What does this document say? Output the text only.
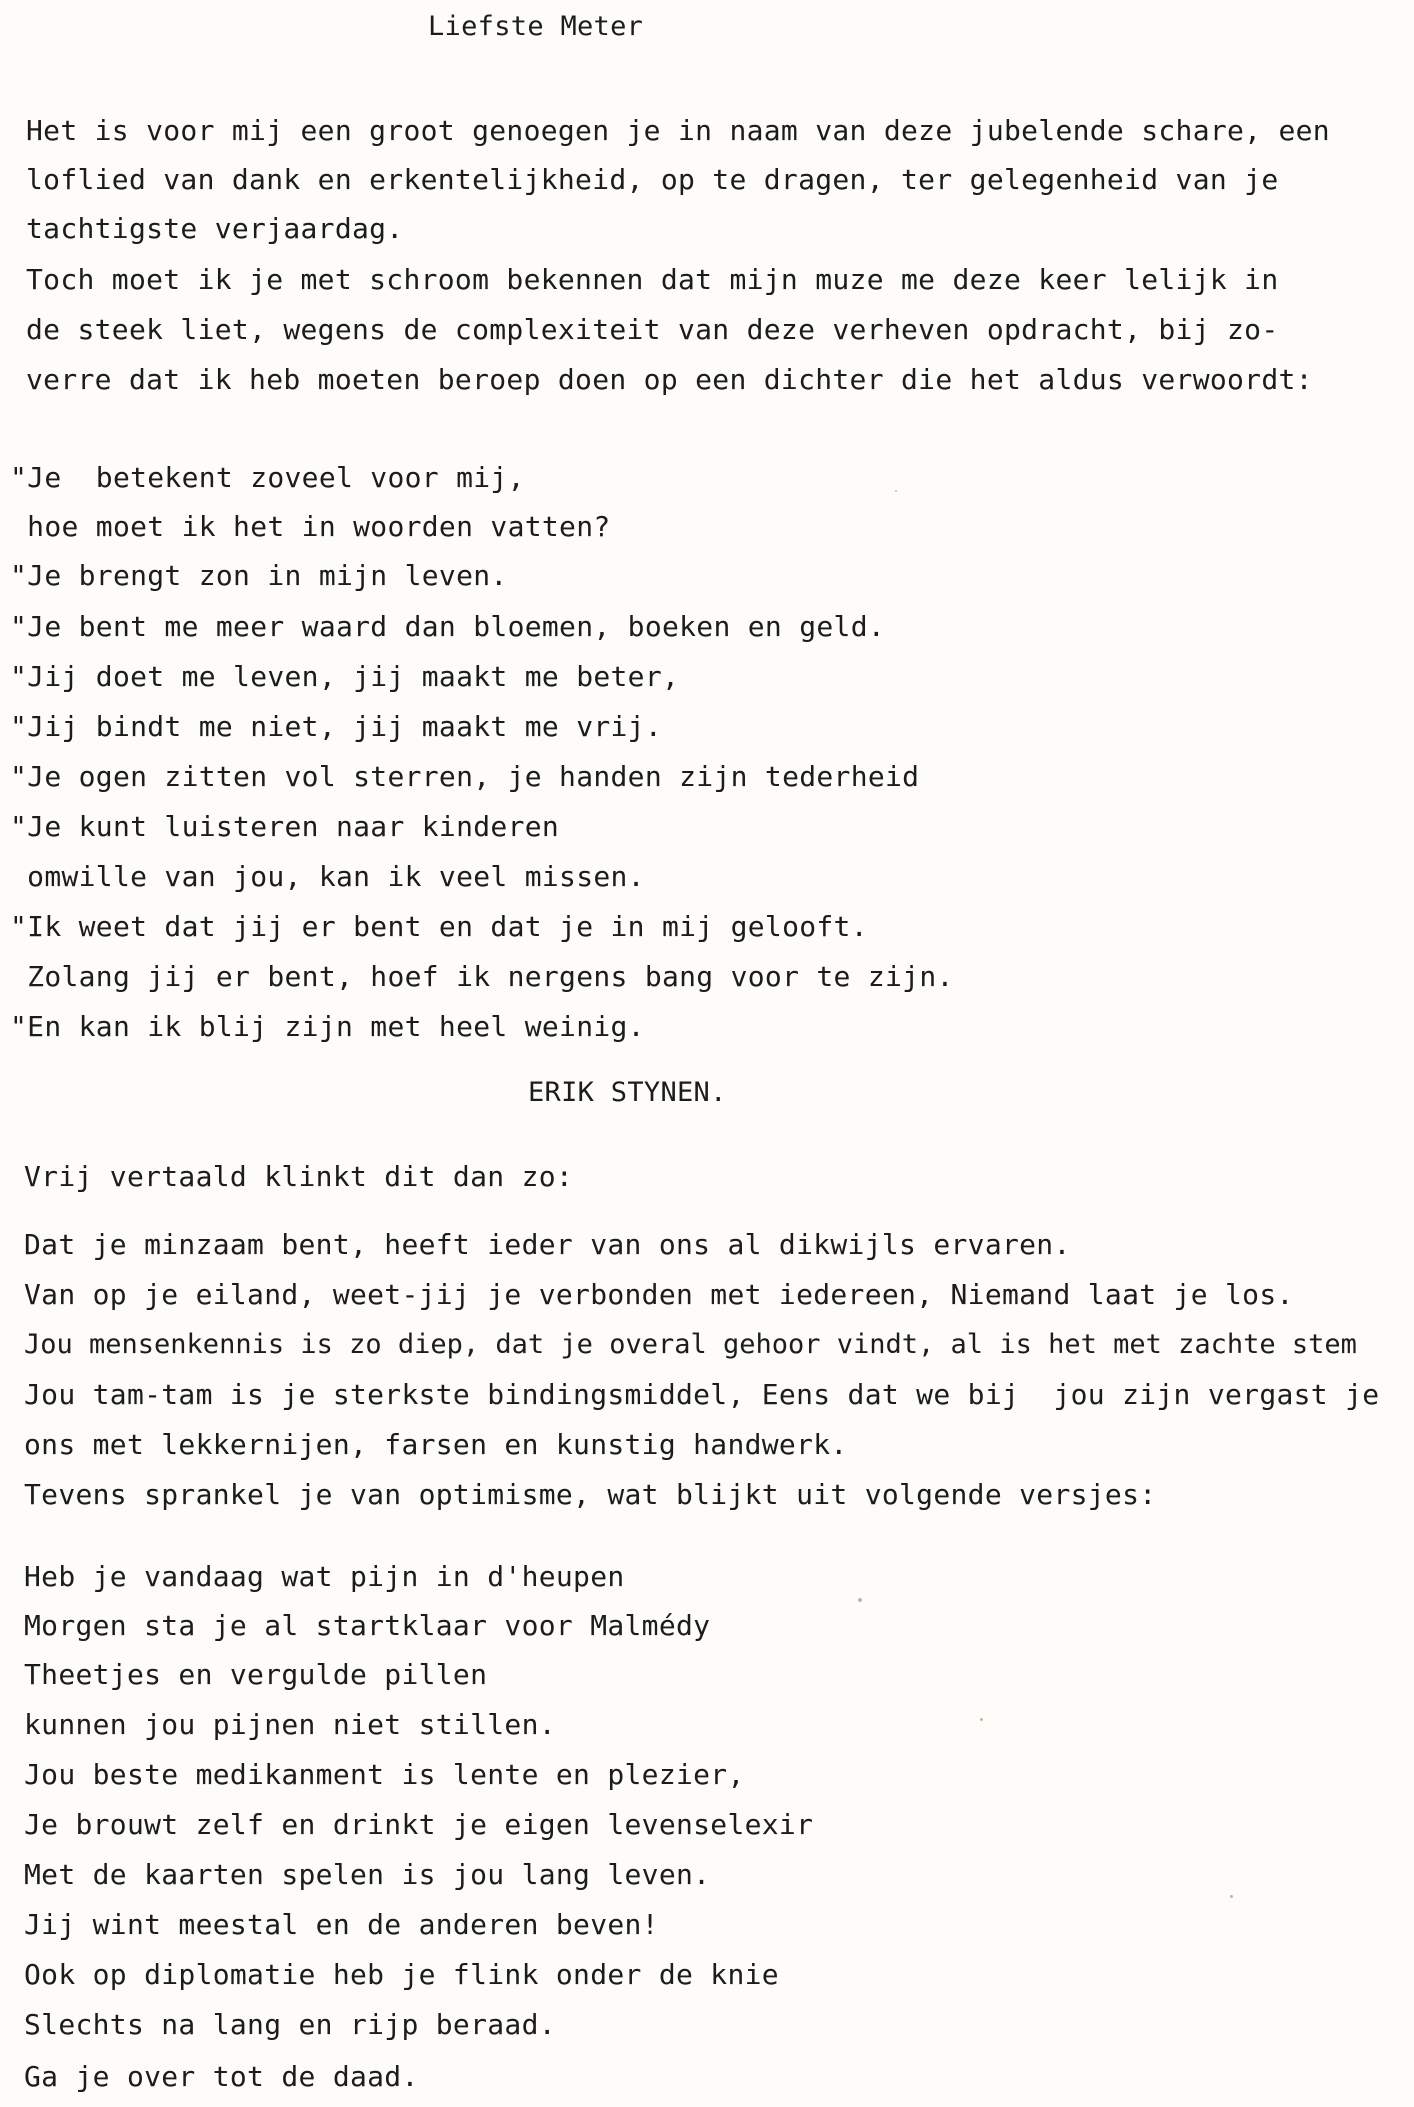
Liefste Meter
Het is voor mij een groot genoegen je in naam van deze jubelende schare, een
loflied van dank en erkentelijkheid, op te dragen, ter gelegenheid van je
tachtigste verjaardag.
Toch moet ik je met schroom bekennen dat mijn muze me deze keer lelijk in
de steek liet, wegens de complexiteit van deze verheven opdracht, bij zo-
verre dat ik heb moeten beroep doen op een dichter die het aldus verwoordt:
"Je  betekent zoveel voor mij,
hoe moet ik het in woorden vatten?
"Je brengt zon in mijn leven.
"Je bent me meer waard dan bloemen, boeken en geld.
"Jij doet me leven, jij maakt me beter,
"Jij bindt me niet, jij maakt me vrij.
"Je ogen zitten vol sterren, je handen zijn tederheid
"Je kunt luisteren naar kinderen
omwille van jou, kan ik veel missen.
"Ik weet dat jij er bent en dat je in mij gelooft.
Zolang jij er bent, hoef ik nergens bang voor te zijn.
"En kan ik blij zijn met heel weinig.
ERIK STYNEN.
Vrij vertaald klinkt dit dan zo:
Dat je minzaam bent, heeft ieder van ons al dikwijls ervaren.
Van op je eiland, weet-jij je verbonden met iedereen, Niemand laat je los.
Jou mensenkennis is zo diep, dat je overal gehoor vindt, al is het met zachte stem
Jou tam-tam is je sterkste bindingsmiddel, Eens dat we bij  jou zijn vergast je
ons met lekkernijen, farsen en kunstig handwerk.
Tevens sprankel je van optimisme, wat blijkt uit volgende versjes:
Heb je vandaag wat pijn in d'heupen
Morgen sta je al startklaar voor Malmédy
Theetjes en vergulde pillen
kunnen jou pijnen niet stillen.
Jou beste medikanment is lente en plezier,
Je brouwt zelf en drinkt je eigen levenselexir
Met de kaarten spelen is jou lang leven.
Jij wint meestal en de anderen beven!
Ook op diplomatie heb je flink onder de knie
Slechts na lang en rijp beraad.
Ga je over tot de daad.
